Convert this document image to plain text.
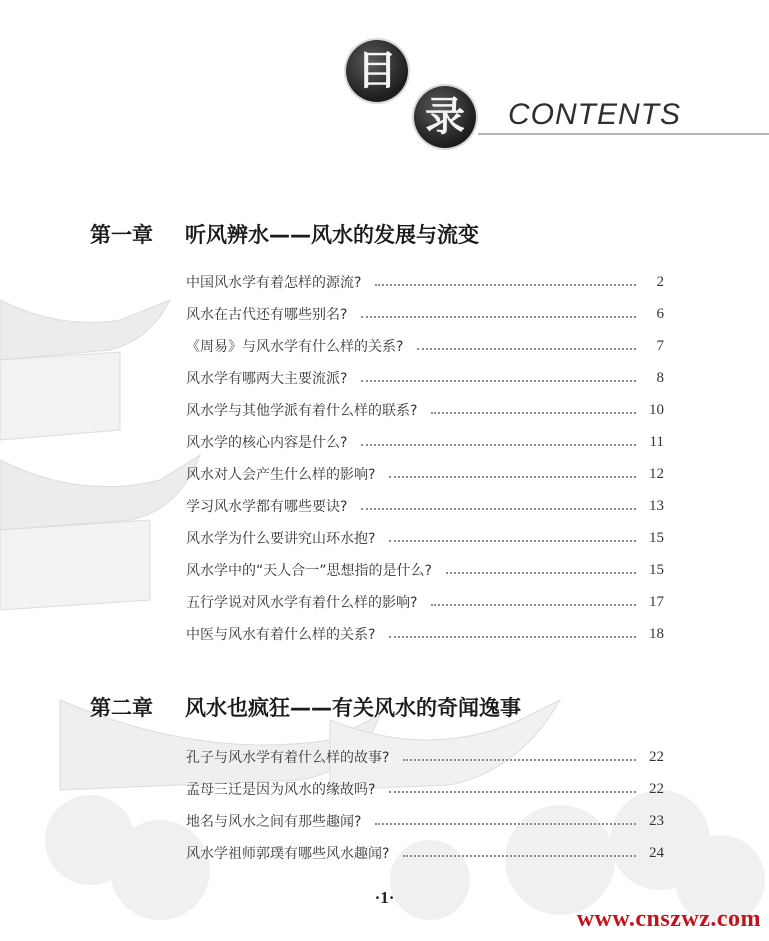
目
录 CONTENTS
第一章 听风辨水——风水的发展与流变
中国风水学有着怎样的源流?	2
风水在古代还有哪些别名?	6
《周易》与风水学有什么样的关系?	7
风水学有哪两大主要流派?	8
风水学与其他学派有着什么样的联系?	10
风水学的核心内容是什么?	11
风水对人会产生什么样的影响?	12
学习风水学都有哪些要诀?	13
风水学为什么要讲究山环水抱?	15
风水学中的“天人合一”思想指的是什么?	15
五行学说对风水学有着什么样的影响?	17
中医与风水有着什么样的关系?	18
第二章 风水也疯狂——有关风水的奇闻逸事
孔子与风水学有着什么样的故事?	22
孟母三迁是因为风水的缘故吗?	22
地名与风水之间有那些趣闻?	23
风水学祖师郭璞有哪些风水趣闻?	24
·1·
www.cnszwz.com
